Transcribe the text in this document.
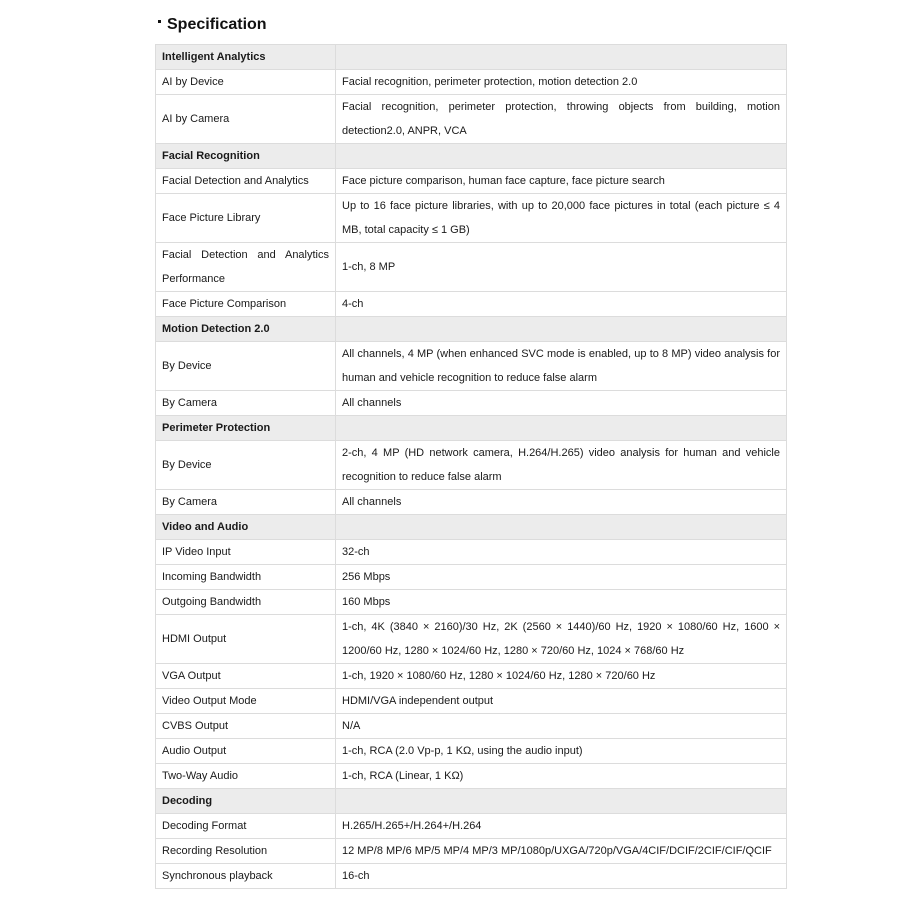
Specification
Intelligent Analytics	
AI by Device	Facial recognition, perimeter protection, motion detection 2.0
AI by Camera	Facial recognition, perimeter protection, throwing objects from building, motion detection2.0, ANPR, VCA
Facial Recognition	
Facial Detection and Analytics	Face picture comparison, human face capture, face picture search
Face Picture Library	Up to 16 face picture libraries, with up to 20,000 face pictures in total (each picture ≤ 4 MB, total capacity ≤ 1 GB)
Facial Detection and Analytics Performance	1-ch, 8 MP
Face Picture Comparison	4-ch
Motion Detection 2.0	
By Device	All channels, 4 MP (when enhanced SVC mode is enabled, up to 8 MP) video analysis for human and vehicle recognition to reduce false alarm
By Camera	All channels
Perimeter Protection	
By Device	2-ch, 4 MP (HD network camera, H.264/H.265) video analysis for human and vehicle recognition to reduce false alarm
By Camera	All channels
Video and Audio	
IP Video Input	32-ch
Incoming Bandwidth	256 Mbps
Outgoing Bandwidth	160 Mbps
HDMI Output	1-ch, 4K (3840 × 2160)/30 Hz, 2K (2560 × 1440)/60 Hz, 1920 × 1080/60 Hz, 1600 × 1200/60 Hz, 1280 × 1024/60 Hz, 1280 × 720/60 Hz, 1024 × 768/60 Hz
VGA Output	1-ch, 1920 × 1080/60 Hz, 1280 × 1024/60 Hz, 1280 × 720/60 Hz
Video Output Mode	HDMI/VGA independent output
CVBS Output	N/A
Audio Output	1-ch, RCA (2.0 Vp-p, 1 KΩ, using the audio input)
Two-Way Audio	1-ch, RCA (Linear, 1 KΩ)
Decoding	
Decoding Format	H.265/H.265+/H.264+/H.264
Recording Resolution	12 MP/8 MP/6 MP/5 MP/4 MP/3 MP/1080p/UXGA/720p/VGA/4CIF/DCIF/2CIF/CIF/QCIF
Synchronous playback	16-ch
